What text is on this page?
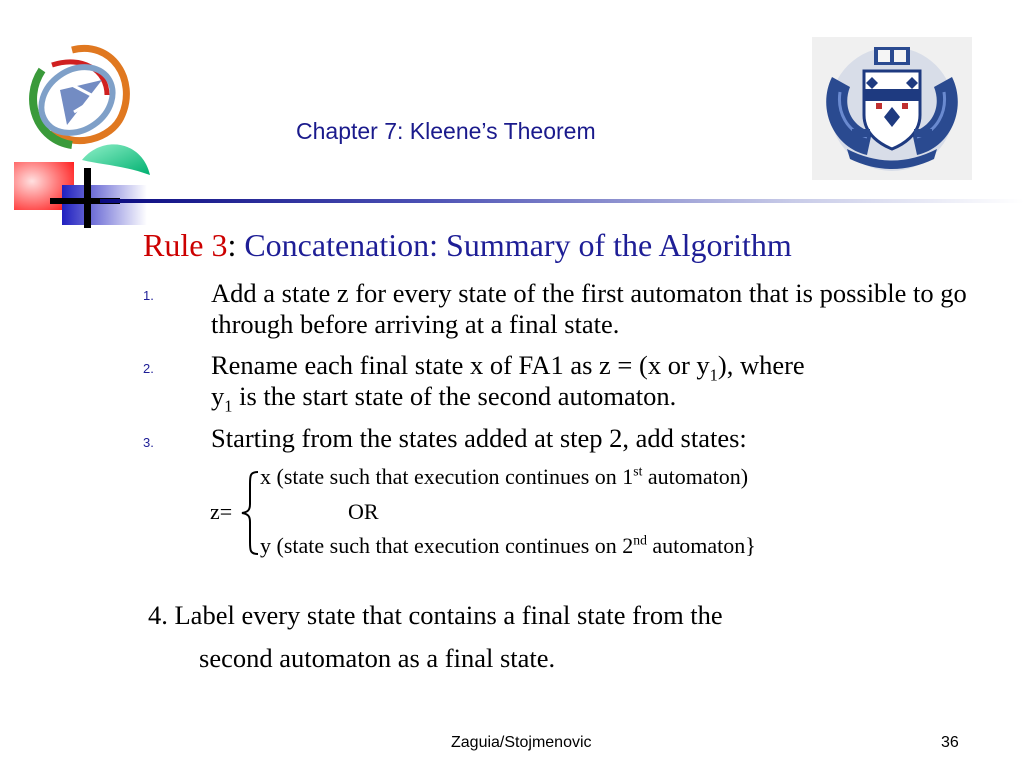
Chapter 7: Kleene’s Theorem
Rule 3: Concatenation: Summary of the Algorithm
1. Add a state z for every state of the first automaton that is possible to go through before arriving at a final state.
2. Rename each final state x of FA1 as z = (x or $y_1$), where
$y_1$ is the start state of the second automaton.
3. Starting from the states added at step 2, add states:
z=
x (state such that execution continues on 1st automaton)
OR
y (state such that execution continues on 2nd automaton}
4. Label every state that contains a final state from the
second automaton as a final state.
Zaguia/Stojmenovic	36
